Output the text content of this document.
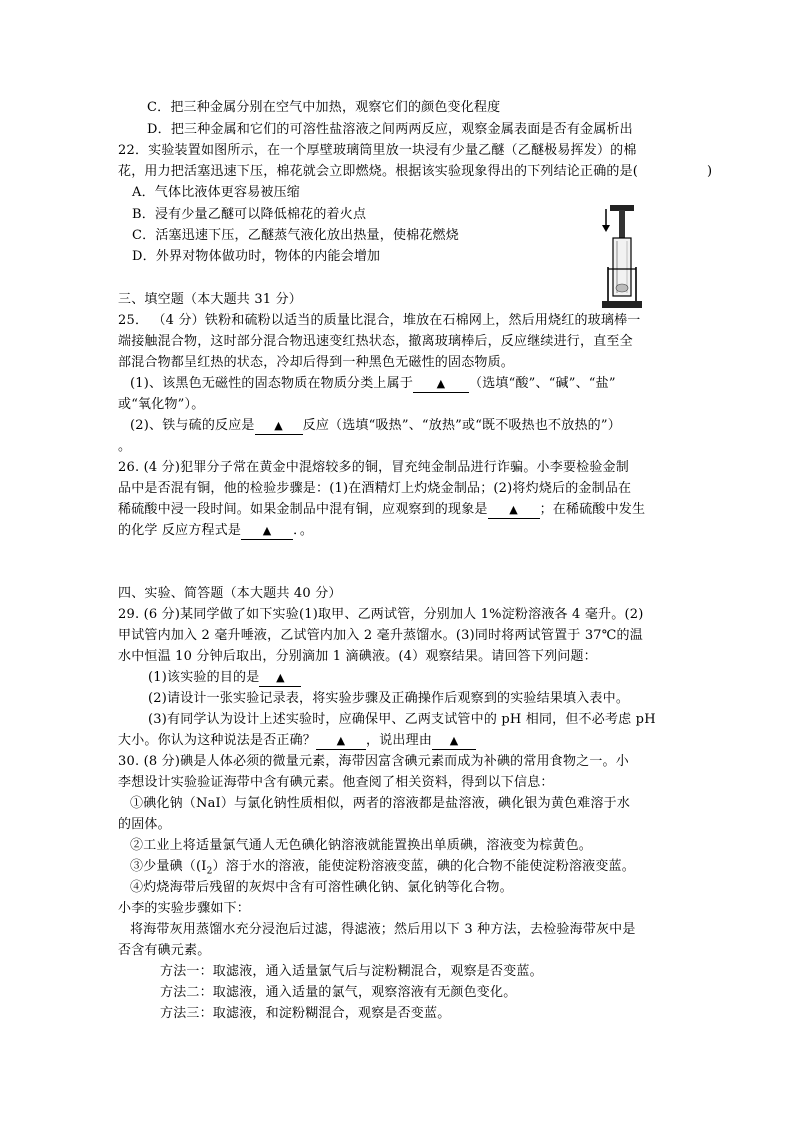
C．把三种金属分别在空气中加热，观察它们的颜色变化程度
D．把三种金属和它们的可溶性盐溶液之间两两反应，观察金属表面是否有金属析出
22．实验装置如图所示，在一个厚壁玻璃筒里放一块浸有少量乙醚（乙醚极易挥发）的棉
花，用力把活塞迅速下压，棉花就会立即燃烧。根据该实验现象得出的下列结论正确的是(	)
A．气体比液体更容易被压缩
B．浸有少量乙醚可以降低棉花的着火点
C．活塞迅速下压，乙醚蒸气液化放出热量，使棉花燃烧
D．外界对物体做功时，物体的内能会增加
三、填空题（本大题共 31 分）
25． （4 分）铁粉和硫粉以适当的质量比混合，堆放在石棉网上，然后用烧红的玻璃棒一
端接触混合物，这时部分混合物迅速变红热状态，撤离玻璃棒后，反应继续进行，直至全
部混合物都呈红热的状态，冷却后得到一种黑色无磁性的固态物质。
(1)、该黑色无磁性的固态物质在物质分类上属于 ▲ （选填“酸”、“碱”、“盐”
或“氧化物”）。
(2)、铁与硫的反应是 ▲ 反应（选填“吸热”、“放热”或“既不吸热也不放热的”）
。
26. (4 分)犯罪分子常在黄金中混熔较多的铜，冒充纯金制品进行诈骗。小李要检验金制
品中是否混有铜，他的检验步骤是：(1)在酒精灯上灼烧金制品；(2)将灼烧后的金制品在
稀硫酸中浸一段时间。如果金制品中混有铜，应观察到的现象是 ▲ ；在稀硫酸中发生
的化学 反应方程式是 ▲ ．。
四、实验、简答题（本大题共 40 分）
29. (6 分)某同学做了如下实验(1)取甲、乙两试管，分别加人 1%淀粉溶液各 4 毫升。(2)
甲试管内加入 2 毫升唾液，乙试管内加入 2 毫升蒸馏水。(3)同时将两试管置于 37℃的温
水中恒温 10 分钟后取出，分别滴加 1 滴碘液。(4）观察结果。请回答下列问题：
(1)该实验的目的是 ▲
(2)请设计一张实验记录表，将实验步骤及正确操作后观察到的实验结果填入表中。
(3)有同学认为设计上述实验时，应确保甲、乙两支试管中的 pH 相同，但不必考虑 pH
大小。你认为这种说法是否正确？ ▲ ，说出理由 ▲
30. (8 分)碘是人体必须的微量元素，海带因富含碘元素而成为补碘的常用食物之一。小
李想设计实验验证海带中含有碘元素。他查阅了相关资料，得到以下信息：
①碘化钠（NaI）与氯化钠性质相似，两者的溶液都是盐溶液，碘化银为黄色难溶于水
的固体。
②工业上将适量氯气通人无色碘化钠溶液就能置换出单质碘，溶液变为棕黄色。
③少量碘（$(I_2)$溶于水的溶液，能使淀粉溶液变蓝，碘的化合物不能使淀粉溶液变蓝。
④灼烧海带后残留的灰烬中含有可溶性碘化钠、氯化钠等化合物。
小李的实验步骤如下：
将海带灰用蒸馏水充分浸泡后过滤，得滤液；然后用以下 3 种方法，去检验海带灰中是
否含有碘元素。
方法一：取滤液，通入适量氯气后与淀粉糊混合，观察是否变蓝。
方法二：取滤液，通入适量的氯气，观察溶液有无颜色变化。
方法三：取滤液，和淀粉糊混合，观察是否变蓝。
